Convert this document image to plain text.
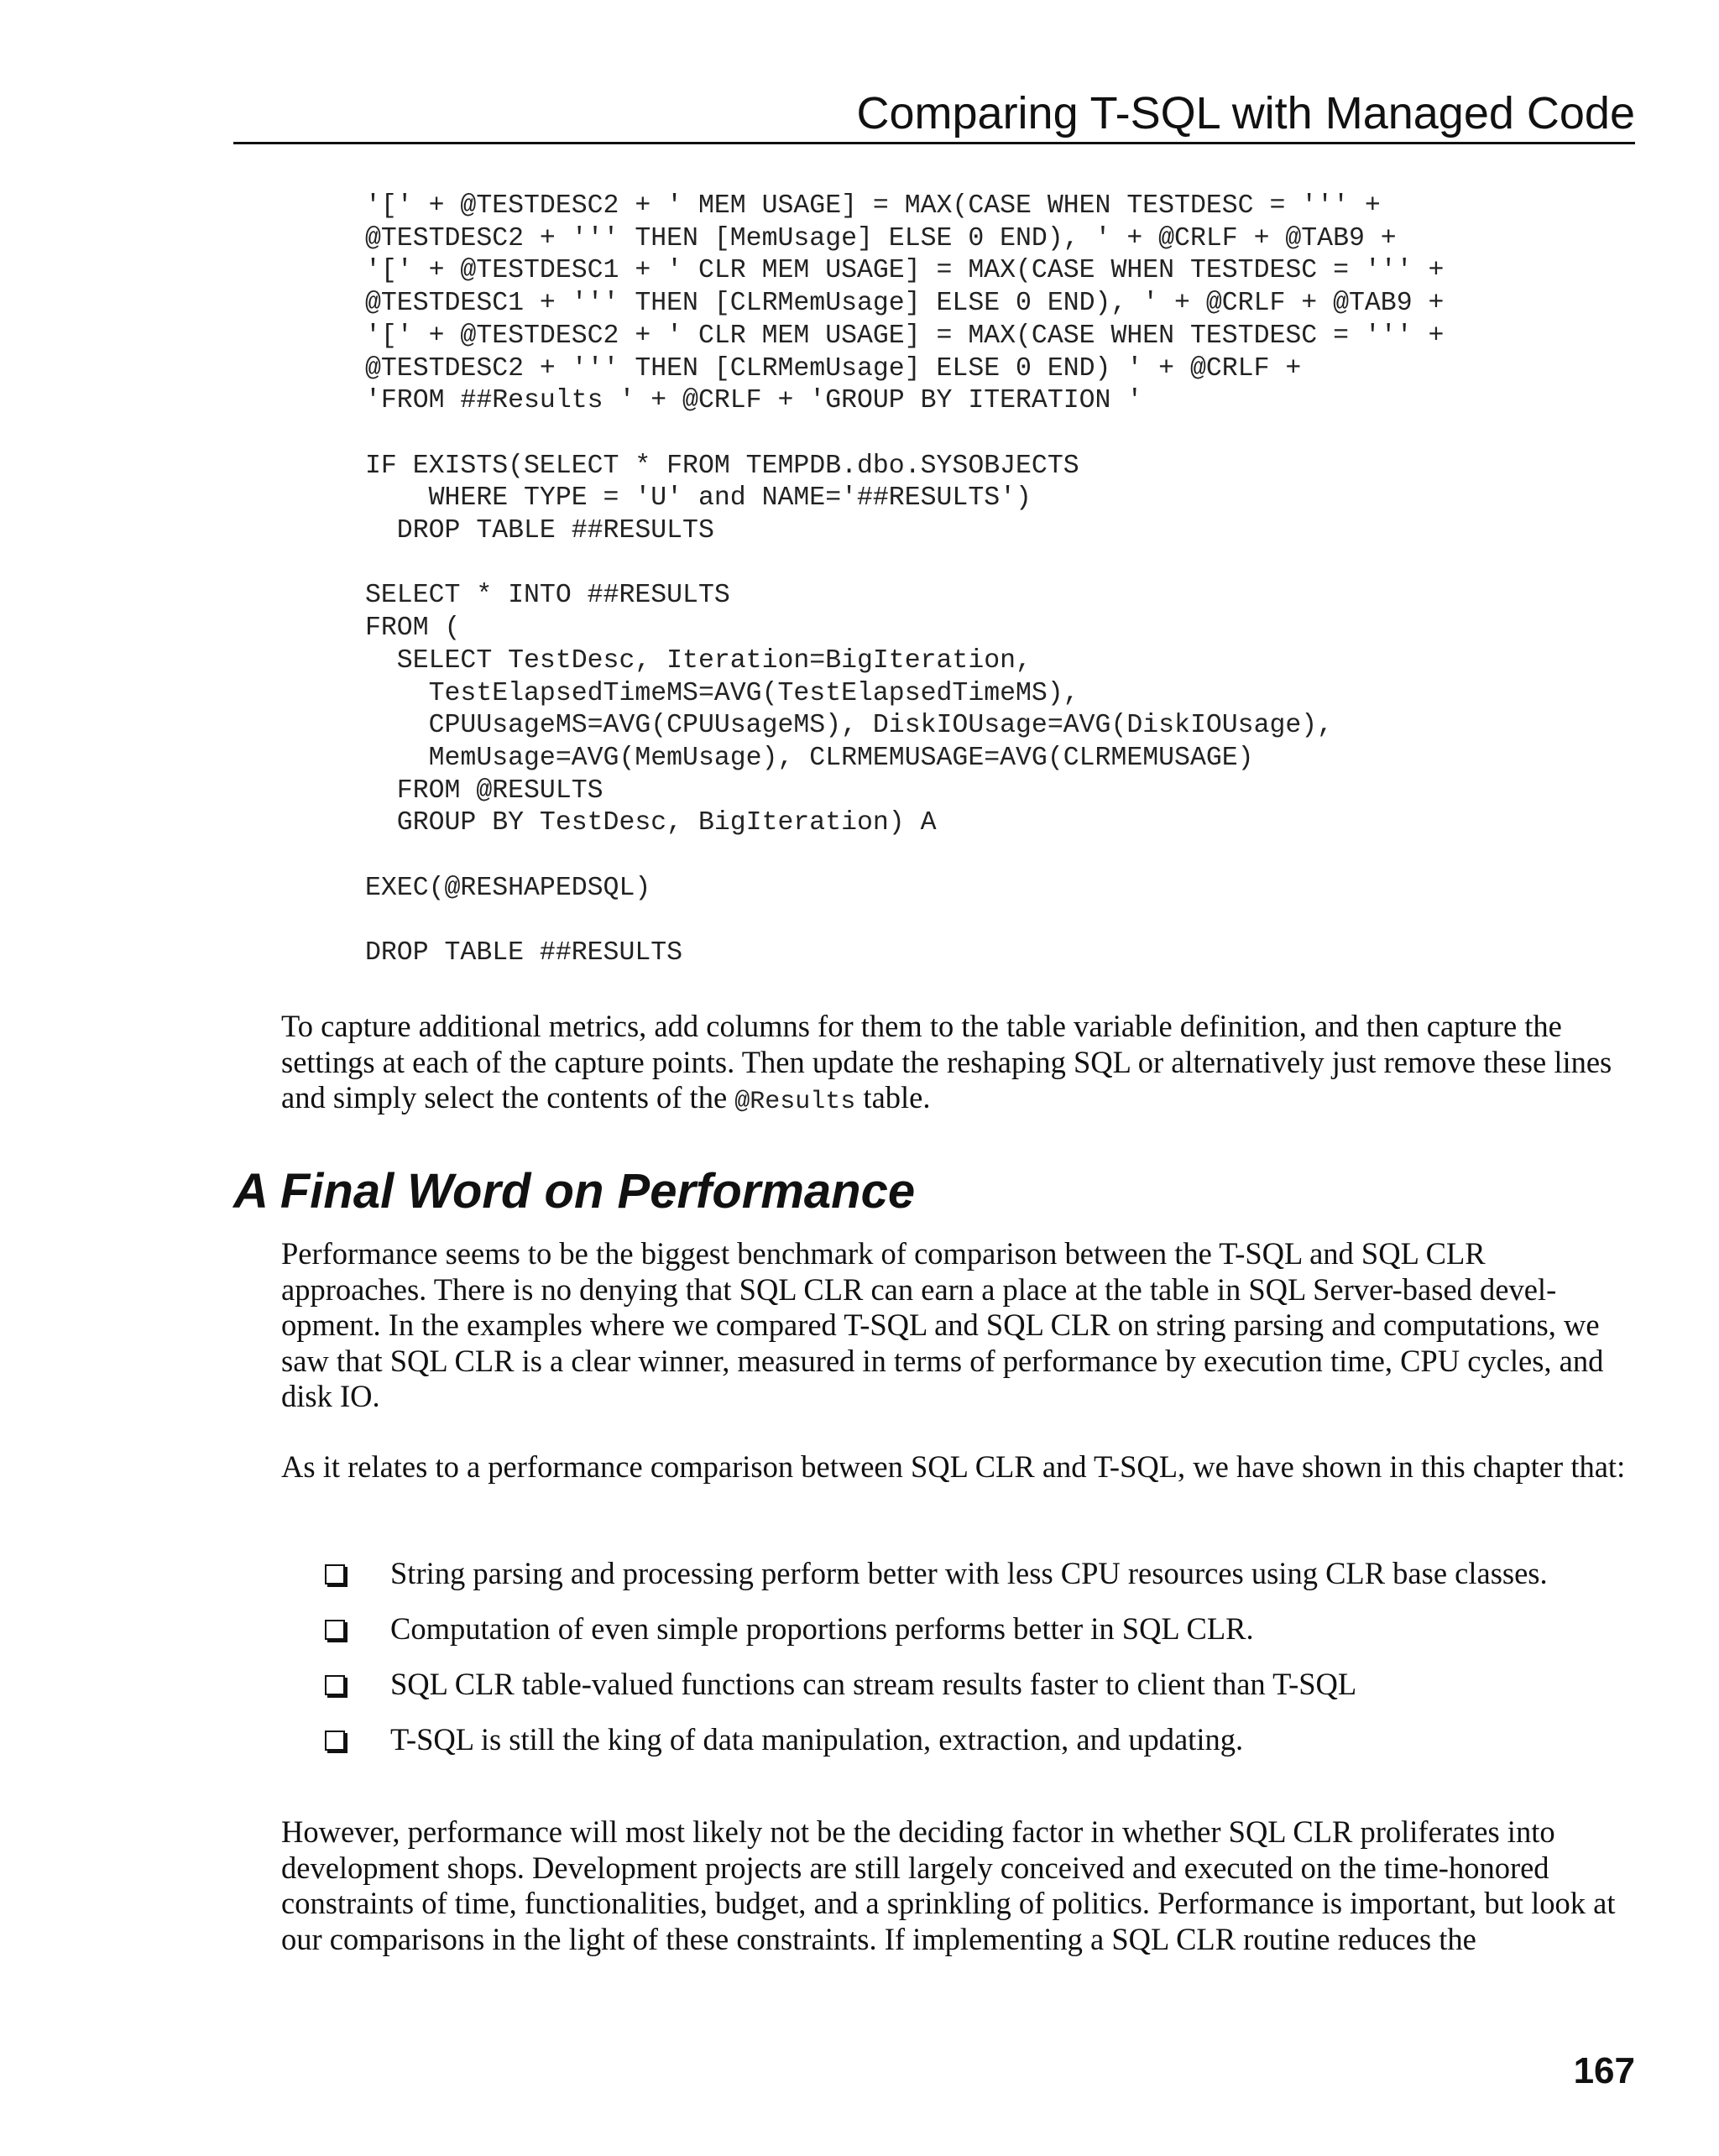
Comparing T-SQL with Managed Code
'[' + @TESTDESC2 + ' MEM USAGE] = MAX(CASE WHEN TESTDESC = ''' +
@TESTDESC2 + ''' THEN [MemUsage] ELSE 0 END), ' + @CRLF + @TAB9 +
'[' + @TESTDESC1 + ' CLR MEM USAGE] = MAX(CASE WHEN TESTDESC = ''' +
@TESTDESC1 + ''' THEN [CLRMemUsage] ELSE 0 END), ' + @CRLF + @TAB9 +
'[' + @TESTDESC2 + ' CLR MEM USAGE] = MAX(CASE WHEN TESTDESC = ''' +
@TESTDESC2 + ''' THEN [CLRMemUsage] ELSE 0 END) ' + @CRLF +
'FROM ##Results ' + @CRLF + 'GROUP BY ITERATION '

IF EXISTS(SELECT * FROM TEMPDB.dbo.SYSOBJECTS
WHERE TYPE = 'U' and NAME='##RESULTS')
DROP TABLE ##RESULTS

SELECT * INTO ##RESULTS
FROM (
SELECT TestDesc, Iteration=BigIteration,
TestElapsedTimeMS=AVG(TestElapsedTimeMS),
CPUUsageMS=AVG(CPUUsageMS), DiskIOUsage=AVG(DiskIOUsage),
MemUsage=AVG(MemUsage), CLRMEMUSAGE=AVG(CLRMEMUSAGE)
FROM @RESULTS
GROUP BY TestDesc, BigIteration) A

EXEC(@RESHAPEDSQL)

DROP TABLE ##RESULTS

To capture additional metrics, add columns for them to the table variable definition, and then capture the settings at each of the capture points. Then update the reshaping SQL or alternatively just remove these lines and simply select the contents of the @Results table.

A Final Word on Performance

Performance seems to be the biggest benchmark of comparison between the T-SQL and SQL CLR approaches. There is no denying that SQL CLR can earn a place at the table in SQL Server-based development. In the examples where we compared T-SQL and SQL CLR on string parsing and computations, we saw that SQL CLR is a clear winner, measured in terms of performance by execution time, CPU cycles, and disk IO.

As it relates to a performance comparison between SQL CLR and T-SQL, we have shown in this chapter that:

String parsing and processing perform better with less CPU resources using CLR base classes.
Computation of even simple proportions performs better in SQL CLR.
SQL CLR table-valued functions can stream results faster to client than T-SQL
T-SQL is still the king of data manipulation, extraction, and updating.

However, performance will most likely not be the deciding factor in whether SQL CLR proliferates into development shops. Development projects are still largely conceived and executed on the time-honored constraints of time, functionalities, budget, and a sprinkling of politics. Performance is important, but look at our comparisons in the light of these constraints. If implementing a SQL CLR routine reduces the

167
